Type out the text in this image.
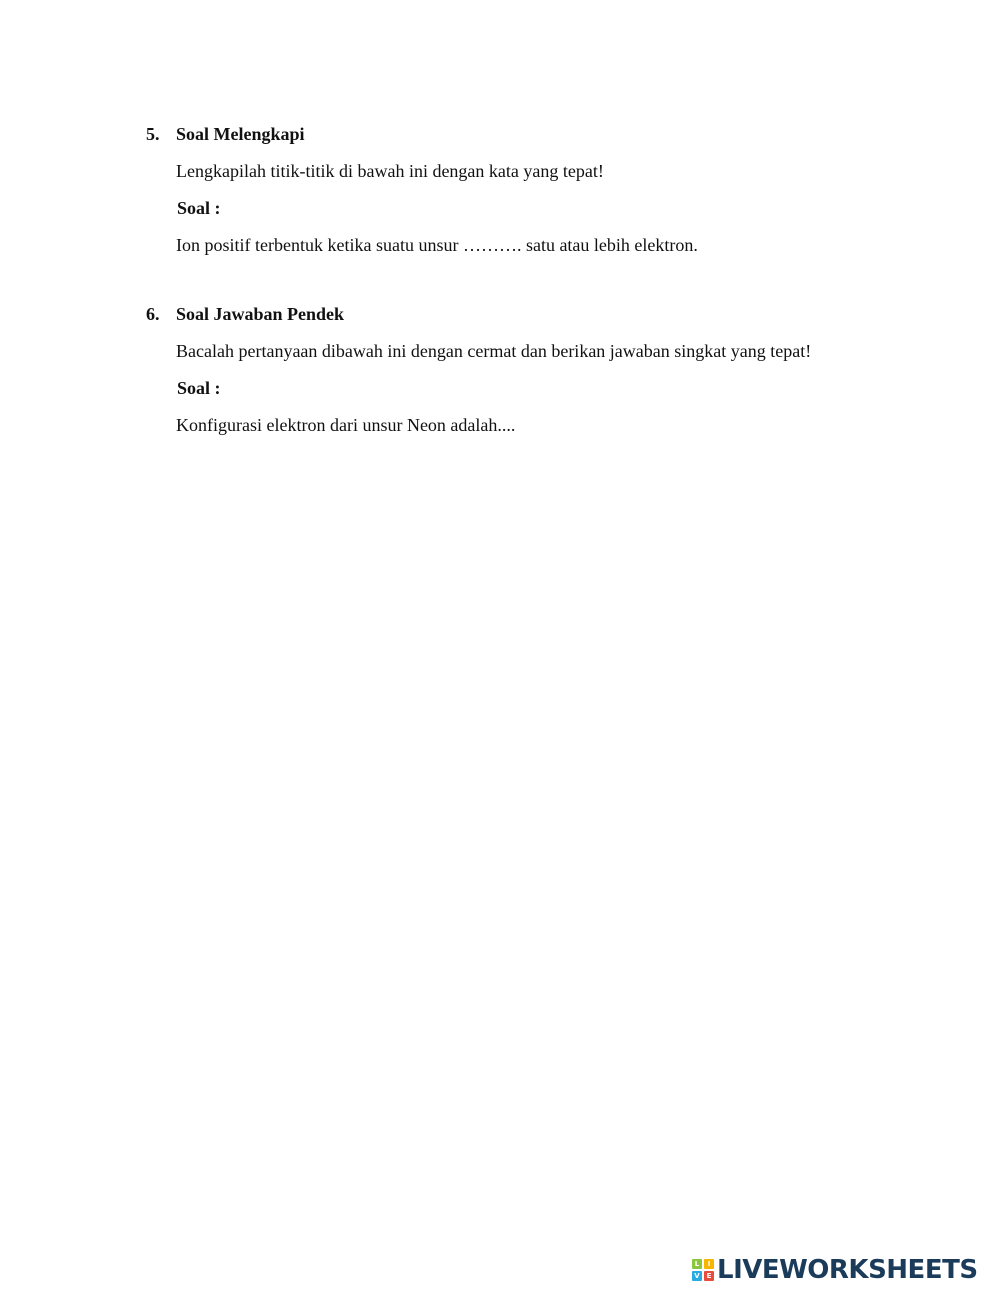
5. Soal Melengkapi
Lengkapilah titik-titik di bawah ini dengan kata yang tepat!
Soal :
Ion positif terbentuk ketika suatu unsur ………. satu atau lebih elektron.
6. Soal Jawaban Pendek
Bacalah pertanyaan dibawah ini dengan cermat dan berikan jawaban singkat yang tepat!
Soal :
Konfigurasi elektron dari unsur Neon adalah....
L	I
V E LIVEWORKSHEETS
